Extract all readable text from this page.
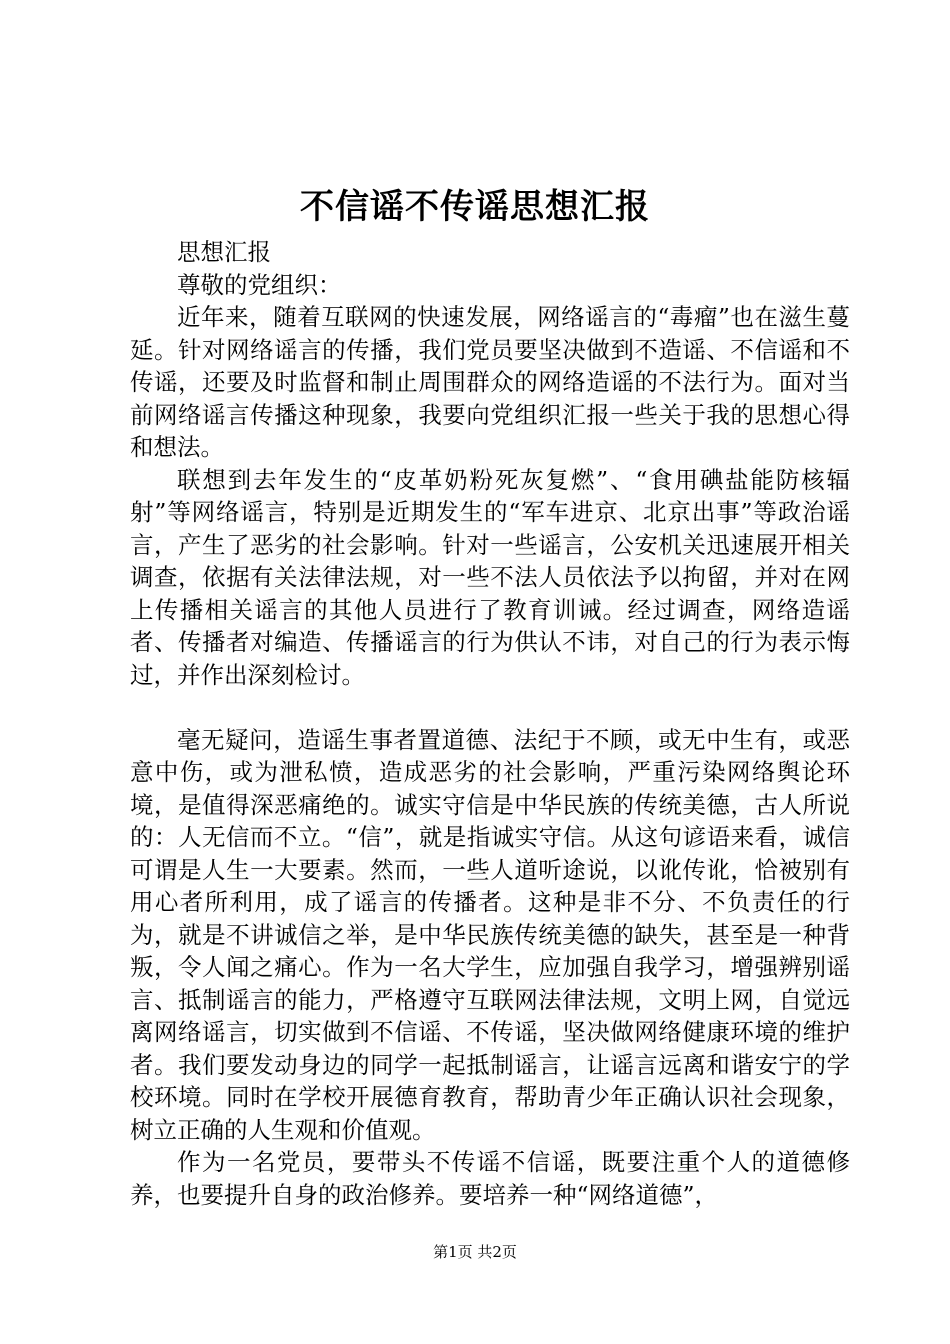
不信谣不传谣思想汇报

思想汇报

尊敬的党组织：

近年来，随着互联网的快速发展，网络谣言的“毒瘤”也在滋生蔓延。针对网络谣言的传播，我们党员要坚决做到不造谣、不信谣和不传谣，还要及时监督和制止周围群众的网络造谣的不法行为。面对当前网络谣言传播这种现象，我要向党组织汇报一些关于我的思想心得和想法。

联想到去年发生的“皮革奶粉死灰复燃”、“食用碘盐能防核辐射”等网络谣言，特别是近期发生的“军车进京、北京出事”等政治谣言，产生了恶劣的社会影响。针对一些谣言，公安机关迅速展开相关调查，依据有关法律法规，对一些不法人员依法予以拘留，并对在网上传播相关谣言的其他人员进行了教育训诫。经过调查，网络造谣者、传播者对编造、传播谣言的行为供认不讳，对自己的行为表示悔过，并作出深刻检讨。

毫无疑问，造谣生事者置道德、法纪于不顾，或无中生有，或恶意中伤，或为泄私愤，造成恶劣的社会影响，严重污染网络舆论环境，是值得深恶痛绝的。诚实守信是中华民族的传统美德，古人所说的：人无信而不立。“信”，就是指诚实守信。从这句谚语来看，诚信可谓是人生一大要素。然而，一些人道听途说，以讹传讹，恰被别有用心者所利用，成了谣言的传播者。这种是非不分、不负责任的行为，就是不讲诚信之举，是中华民族传统美德的缺失，甚至是一种背叛，令人闻之痛心。作为一名大学生，应加强自我学习，增强辨别谣言、抵制谣言的能力，严格遵守互联网法律法规，文明上网，自觉远离网络谣言，切实做到不信谣、不传谣，坚决做网络健康环境的维护者。我们要发动身边的同学一起抵制谣言，让谣言远离和谐安宁的学校环境。同时在学校开展德育教育，帮助青少年正确认识社会现象，树立正确的人生观和价值观。

作为一名党员，要带头不传谣不信谣，既要注重个人的道德修养，也要提升自身的政治修养。要培养一种“网络道德”，

第1页 共2页
